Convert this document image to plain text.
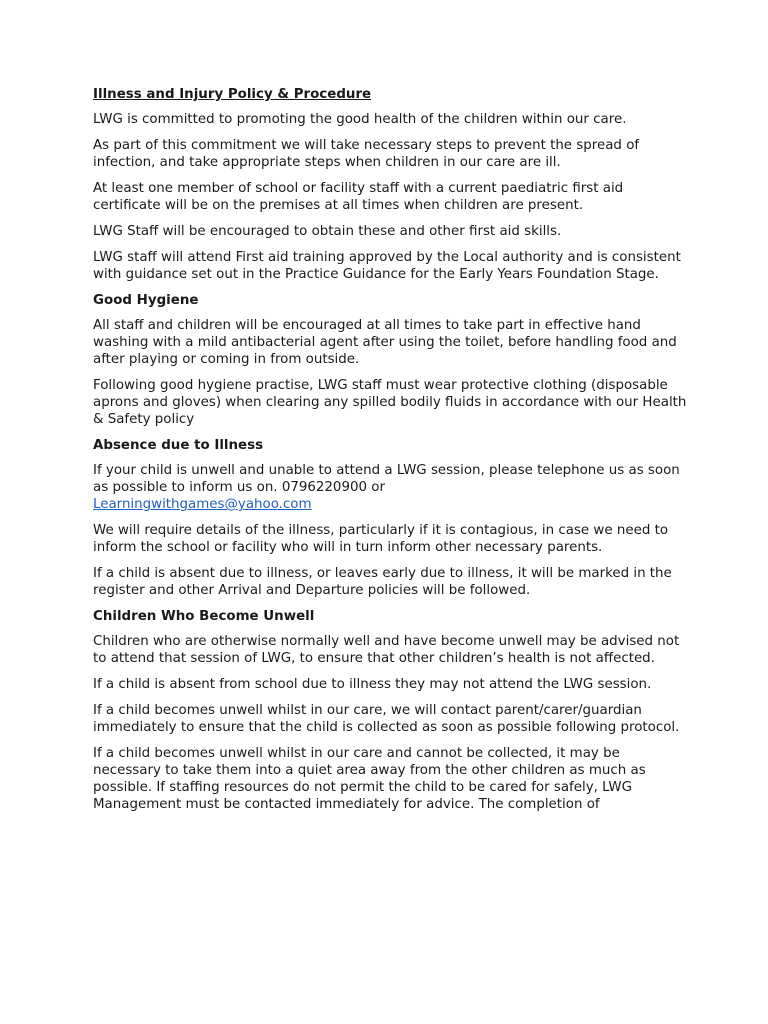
Illness and Injury Policy & Procedure

LWG is committed to promoting the good health of the children within our care.

As part of this commitment we will take necessary steps to prevent the spread of infection, and take appropriate steps when children in our care are ill.

At least one member of school or facility staff with a current paediatric first aid certificate will be on the premises at all times when children are present.

LWG Staff will be encouraged to obtain these and other first aid skills.

LWG staff will attend First aid training approved by the Local authority and is consistent with guidance set out in the Practice Guidance for the Early Years Foundation Stage.

Good Hygiene

All staff and children will be encouraged at all times to take part in effective hand washing with a mild antibacterial agent after using the toilet, before handling food and after playing or coming in from outside.

Following good hygiene practise, LWG staff must wear protective clothing (disposable aprons and gloves) when clearing any spilled bodily fluids in accordance with our Health & Safety policy

Absence due to Illness

If your child is unwell and unable to attend a LWG session, please telephone us as soon as possible to inform us on. 0796220900 or
Learningwithgames@yahoo.com

We will require details of the illness, particularly if it is contagious, in case we need to inform the school or facility who will in turn inform other necessary parents.

If a child is absent due to illness, or leaves early due to illness, it will be marked in the register and other Arrival and Departure policies will be followed.

Children Who Become Unwell

Children who are otherwise normally well and have become unwell may be advised not to attend that session of LWG, to ensure that other children’s health is not affected.

If a child is absent from school due to illness they may not attend the LWG session.

If a child becomes unwell whilst in our care, we will contact parent/carer/guardian immediately to ensure that the child is collected as soon as possible following protocol.

If a child becomes unwell whilst in our care and cannot be collected, it may be necessary to take them into a quiet area away from the other children as much as possible. If staffing resources do not permit the child to be cared for safely, LWG Management must be contacted immediately for advice. The completion of
